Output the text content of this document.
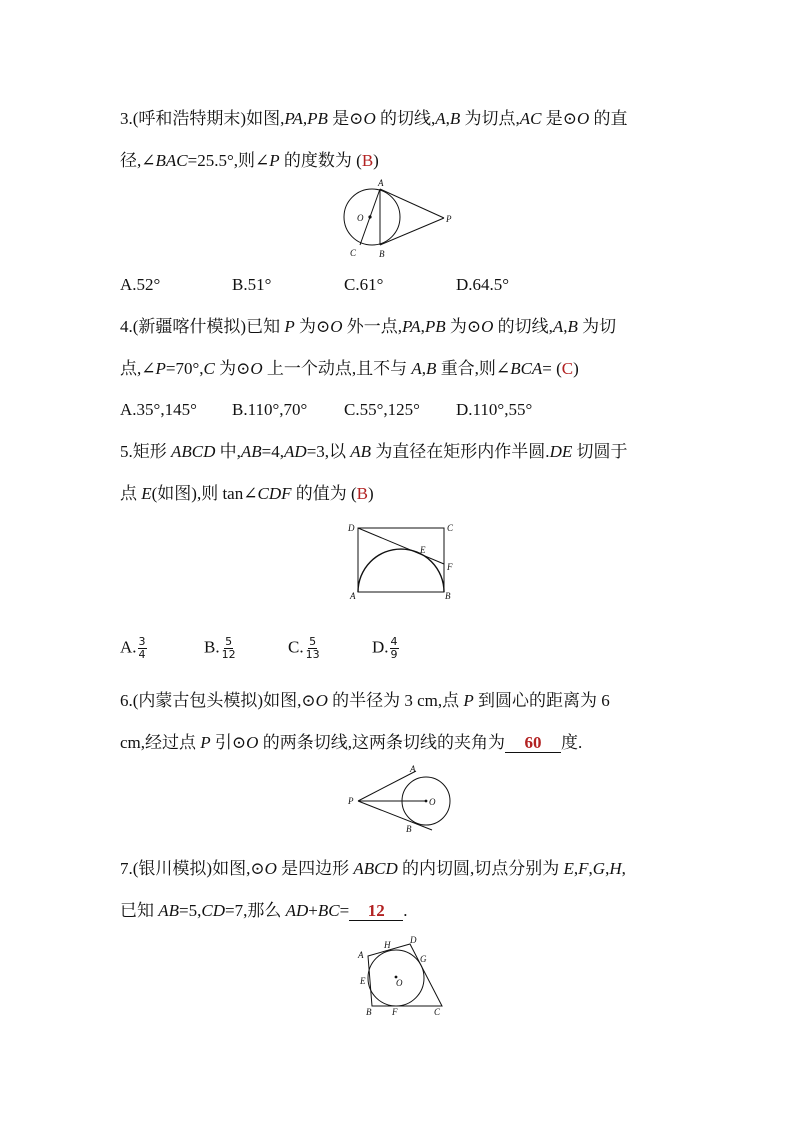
3.(呼和浩特期末)如图,PA,PB 是⊙O 的切线,A,B 为切点,AC 是⊙O 的直
径,∠BAC=25.5°,则∠P 的度数为 (B)
A
O
C	B
P
A.52°	B.51°	C.61°	D.64.5°
4.(新疆喀什模拟)已知 P 为⊙O 外一点,PA,PB 为⊙O 的切线,A,B 为切
点,∠P=70°,C 为⊙O 上一个动点,且不与 A,B 重合,则∠BCA= (C)
A.35°,145° B.110°,70° C.55°,125° D.110°,55°
5.矩形 ABCD 中,AB=4,AD=3,以 AB 为直径在矩形内作半圆.DE 切圆于
点 E(如图),则 tan∠CDF 的值为 (B)
D	C
E
F
A	B
A. $\frac{3}{4}$	B. $\frac{5}{12}$	C. $\frac{5}{13}$	D. $\frac{4}{9}$
6.(内蒙古包头模拟)如图,⊙O 的半径为 3 cm,点 P 到圆心的距离为 6
cm,经过点 P 引⊙O 的两条切线,这两条切线的夹角为 60 度.
A
P	O
B
7.(银川模拟)如图,⊙O 是四边形 ABCD 的内切圆,切点分别为 E,F,G,H,
已知 AB=5,CD=7,那么 AD+BC= 12 .
D
H
A	G
E	O
B F	C
